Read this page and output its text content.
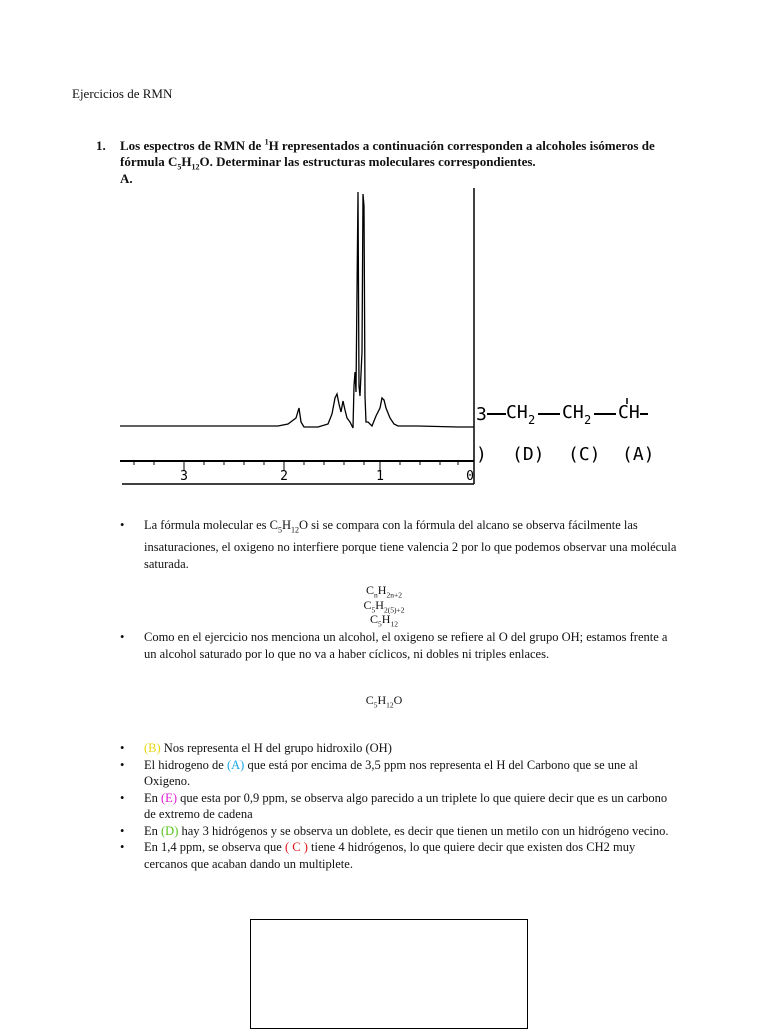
Ejercicios de RMN
1. Los espectros de RMN de $^1$H representados a continuación corresponden a alcoholes isómeros de fórmula $C_5H_{12}O$. Determinar las estructuras moleculares correspondientes.
A.
3	2	1	0
3 CH 2 CH 2 CH
) (D) (C) (A)

• La fórmula molecular es $C_5H_{12}O$ si se compara con la fórmula del alcano se observa fácilmente las insaturaciones, el oxigeno no interfiere porque tiene valencia 2 por lo que podemos observar una molécula saturada.

$C_nH_{2n+2}$
$C_5H_{2(5)+2}$
$C_5H_{12}$

• Como en el ejercicio nos menciona un alcohol, el oxigeno se refiere al O del grupo OH; estamos frente a un alcohol saturado por lo que no va a haber cíclicos, ni dobles ni triples enlaces.

$C_5H_{12}O$

• (B) Nos representa el H del grupo hidroxilo (OH)

• El hidrogeno de (A) que está por encima de 3,5 ppm nos representa el H del Carbono que se une al Oxigeno.

• En (E) que esta por 0,9 ppm, se observa algo parecido a un triplete lo que quiere decir que es un carbono de extremo de cadena

• En (D) hay 3 hidrógenos y se observa un doblete, es decir que tienen un metilo con un hidrógeno vecino.

• En 1,4 ppm, se observa que ( C ) tiene 4 hidrógenos, lo que quiere decir que existen dos CH2 muy cercanos que acaban dando un multiplete.
